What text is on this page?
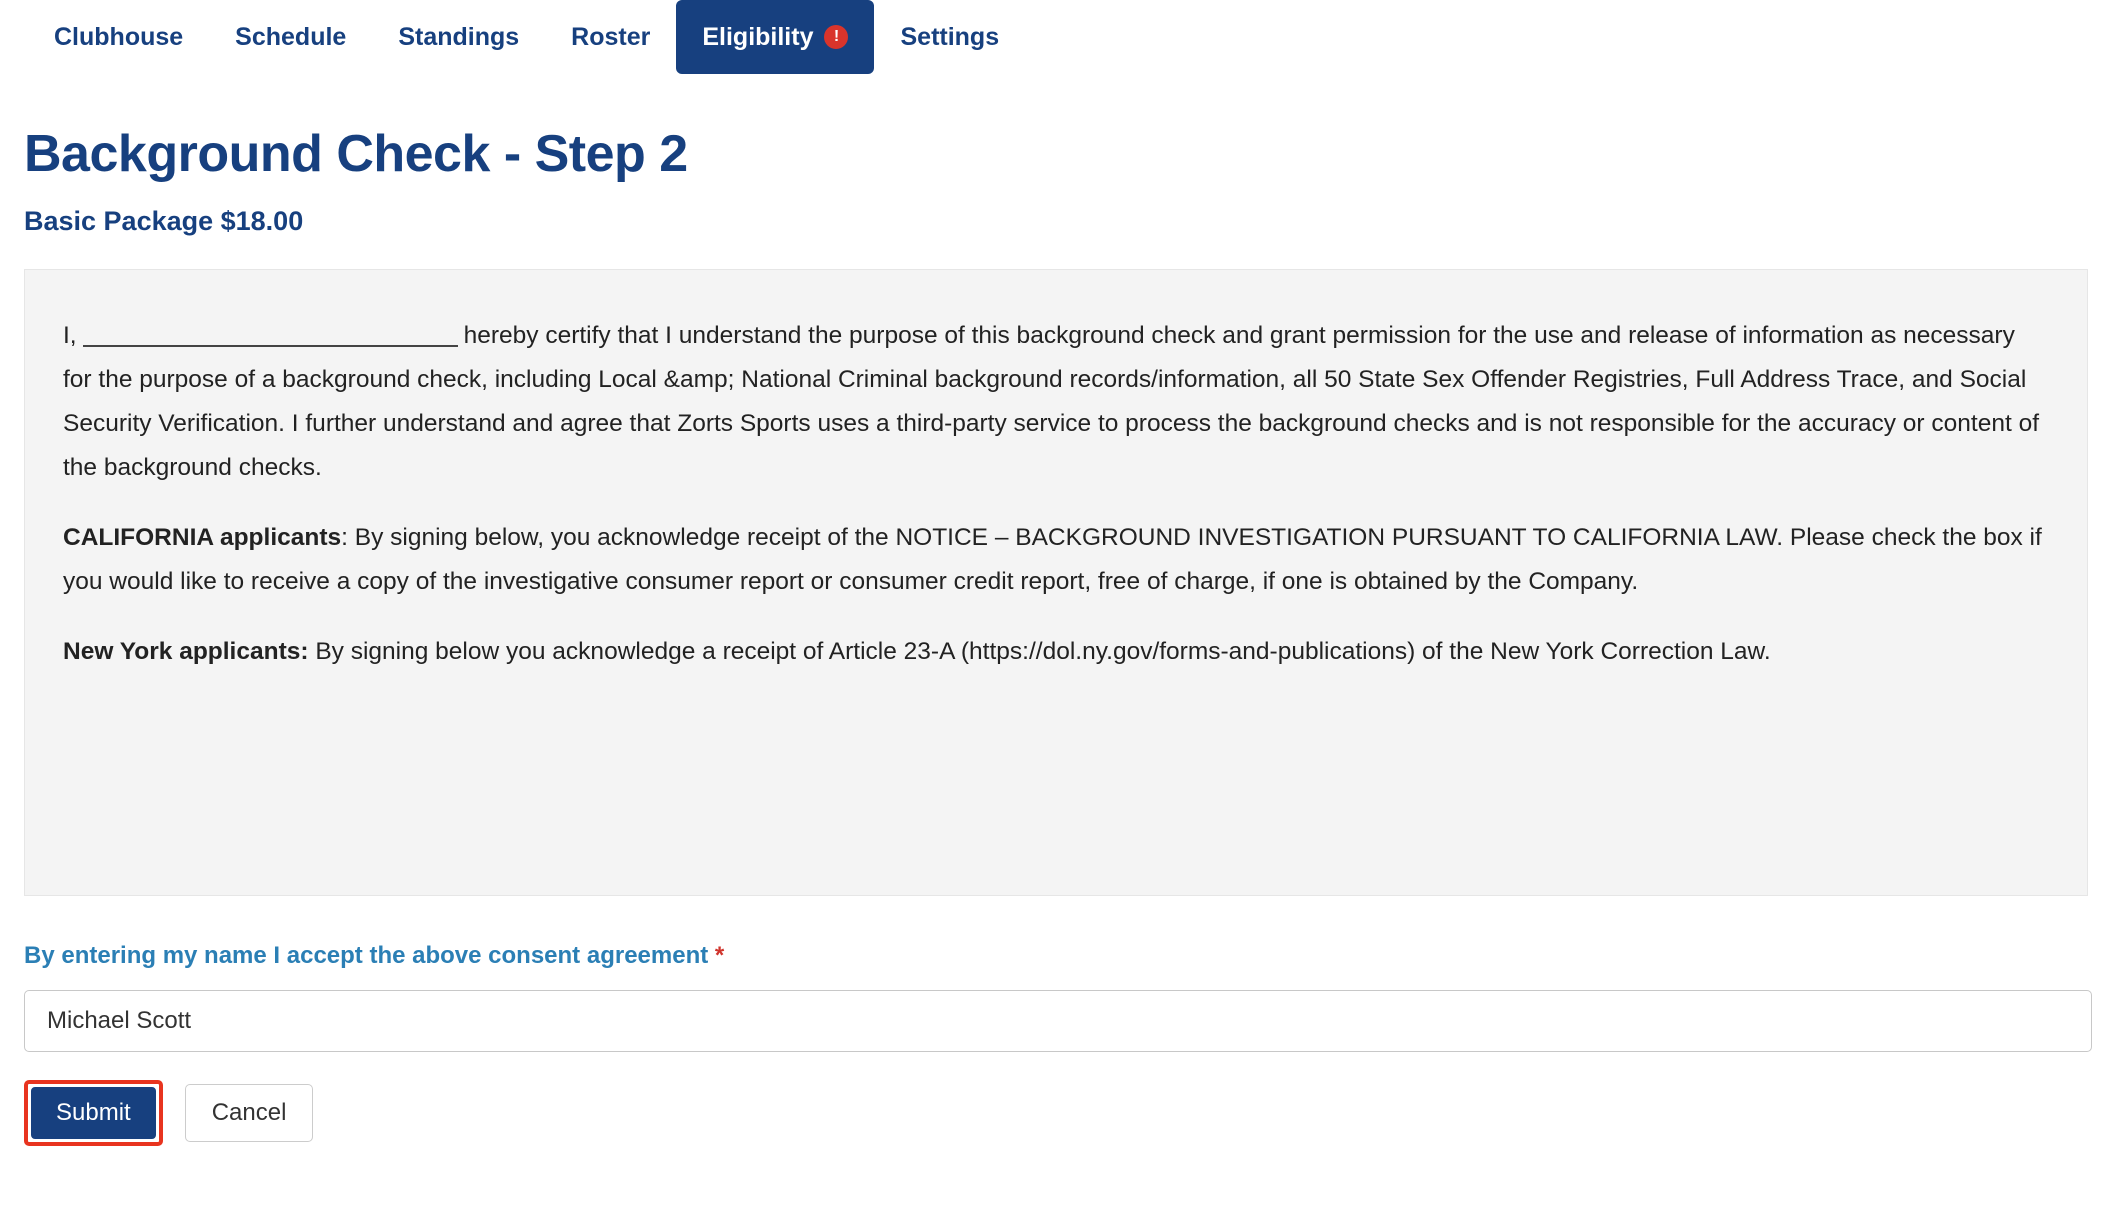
Clubhouse	Schedule	Standings	Roster	Eligibility	!	Settings
Background Check - Step 2
Basic Package $18.00

I,	hereby certify that I understand the purpose of this background check and grant permission for the use and release of information as necessary for the purpose of a background check, including Local &amp; National Criminal background records/information, all 50 State Sex Offender Registries, Full Address Trace, and Social Security Verification. I further understand and agree that Zorts Sports uses a third-party service to process the background checks and is not responsible for the accuracy or content of the background checks.

CALIFORNIA applicants: By signing below, you acknowledge receipt of the NOTICE – BACKGROUND INVESTIGATION PURSUANT TO CALIFORNIA LAW. Please check the box if you would like to receive a copy of the investigative consumer report or consumer credit report, free of charge, if one is obtained by the Company.

New York applicants: By signing below you acknowledge a receipt of Article 23-A (https://dol.ny.gov/forms-and-publications) of the New York Correction Law.

By entering my name I accept the above consent agreement *
Michael Scott
Submit	Cancel
